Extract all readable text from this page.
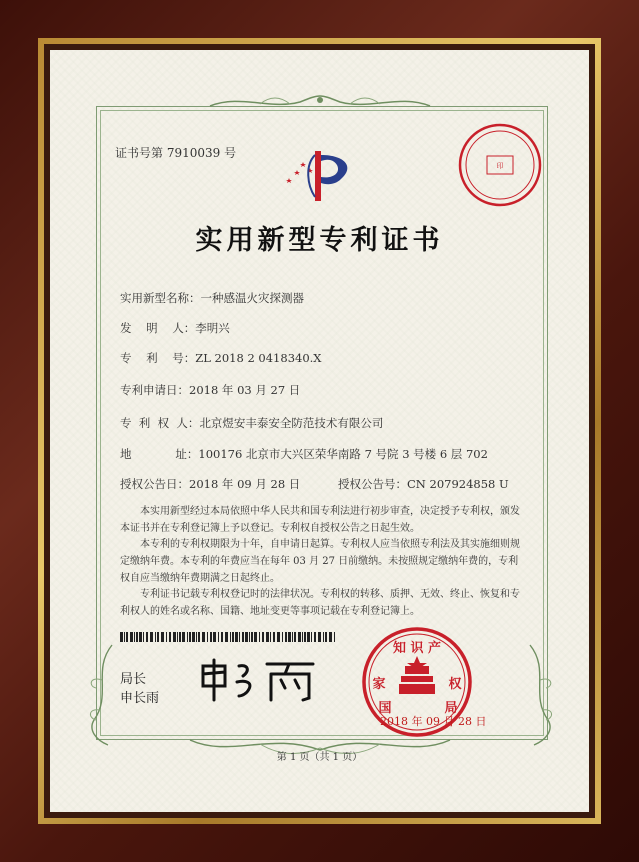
证书号第 7910039 号
印
实用新型专利证书
实用新型名称：一种感温火灾探测器
发    明    人：李明兴
专    利    号：ZL 2018 2 0418340.X
专利申请日：2018 年 03 月 27 日
专  利  权  人：北京煜安丰泰安全防范技术有限公司
地            址：100176 北京市大兴区荣华南路 7 号院 3 号楼 6 层 702
授权公告日：2018 年 09 月 28 日	授权公告号：CN 207924858 U

本实用新型经过本局依照中华人民共和国专利法进行初步审查，决定授予专利权，颁发本证书并在专利登记簿上予以登记。专利权自授权公告之日起生效。

本专利的专利权期限为十年，自申请日起算。专利权人应当依照专利法及其实施细则规定缴纳年费。本专利的年费应当在每年 03 月 27 日前缴纳。未按照规定缴纳年费的，专利权自应当缴纳年费期满之日起终止。

专利证书记载专利权登记时的法律状况。专利权的转移、质押、无效、终止、恢复和专利权人的姓名或名称、国籍、地址变更等事项记载在专利登记簿上。

局长
申长雨
知 识 产
家	权
国	局
2018 年 09 月 28 日
第 1 页（共 1 页）
